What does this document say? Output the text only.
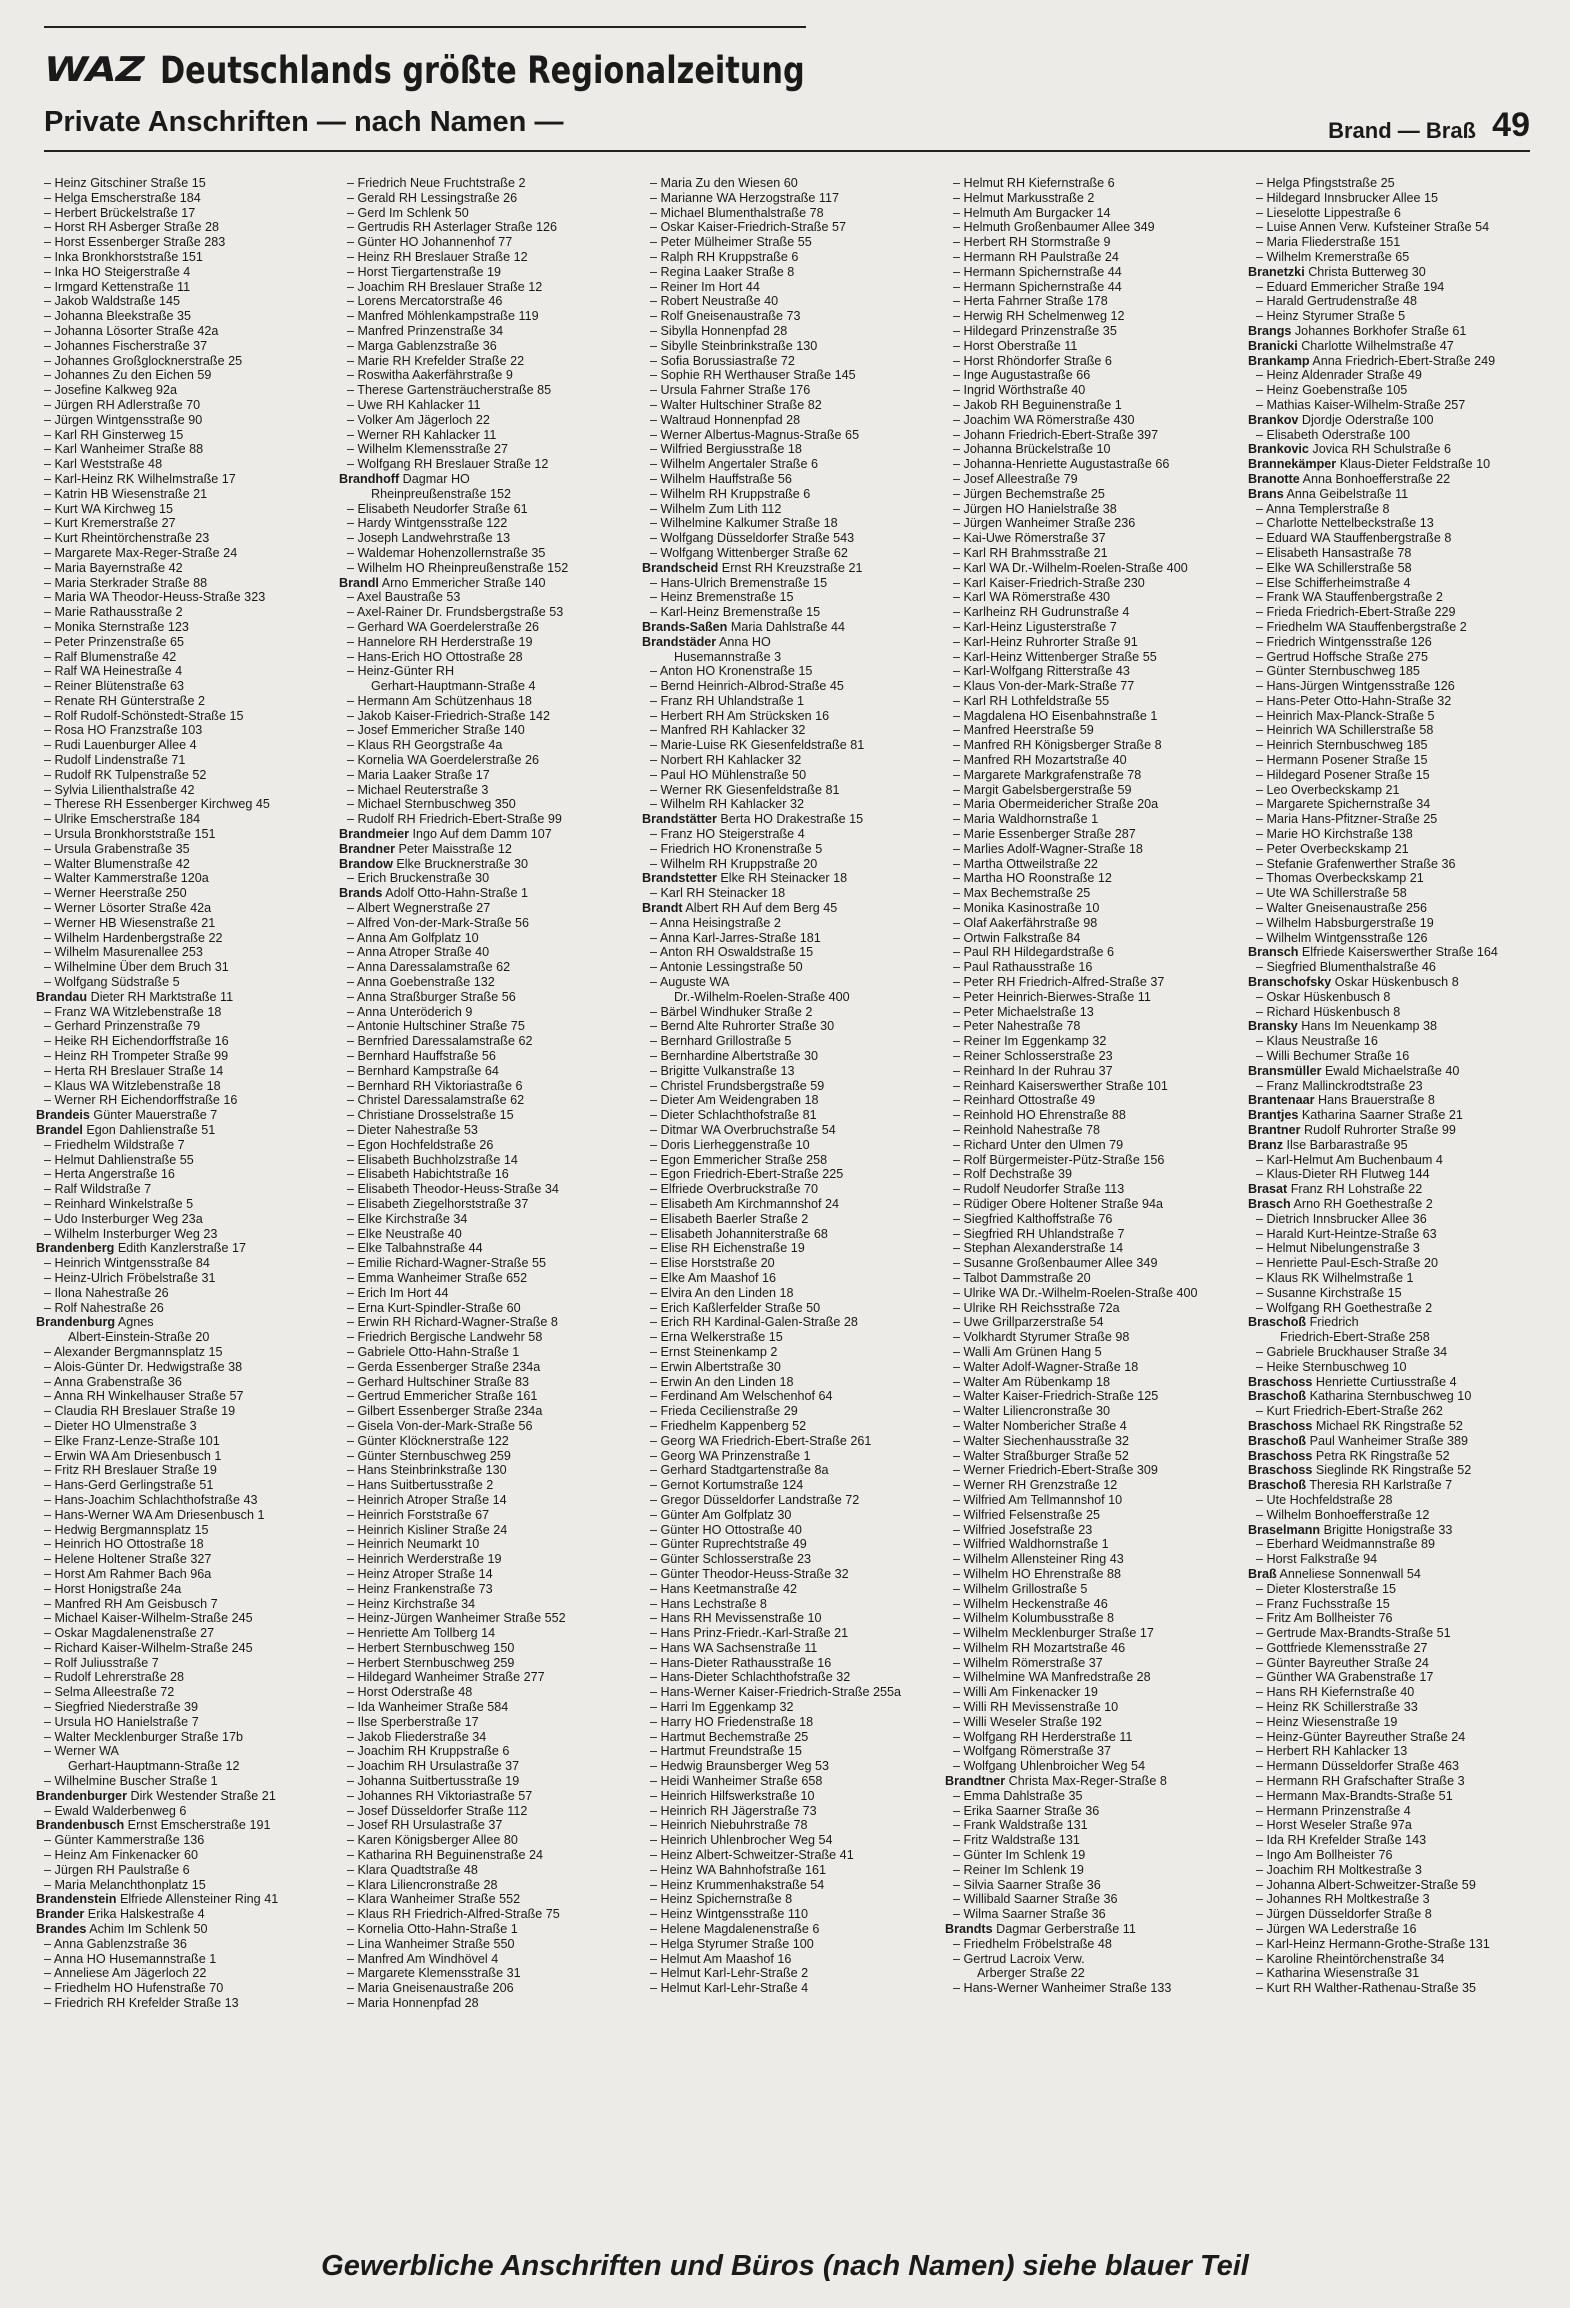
WAZ Deutschlands größte Regionalzeitung
Private Anschriften — nach Namen —	Brand — Braß 49
– Heinz Gitschiner Straße 15
– Helga Emscherstraße 184
– Herbert Brückelstraße 17
– Horst RH Asberger Straße 28
– Horst Essenberger Straße 283
– Inka Bronkhorststraße 151
– Inka HO Steigerstraße 4
– Irmgard Kettenstraße 11
– Jakob Waldstraße 145
– Johanna Bleekstraße 35
– Johanna Lösorter Straße 42a
– Johannes Fischerstraße 37
– Johannes Großglocknerstraße 25
– Johannes Zu den Eichen 59
– Josefine Kalkweg 92a
– Jürgen RH Adlerstraße 70
– Jürgen Wintgensstraße 90
– Karl RH Ginsterweg 15
– Karl Wanheimer Straße 88
– Karl Weststraße 48
– Karl-Heinz RK Wilhelmstraße 17
– Katrin HB Wiesenstraße 21
– Kurt WA Kirchweg 15
– Kurt Kremerstraße 27
– Kurt Rheintörchenstraße 23
– Margarete Max-Reger-Straße 24
– Maria Bayernstraße 42
– Maria Sterkrader Straße 88
– Maria WA Theodor-Heuss-Straße 323
– Marie Rathausstraße 2
– Monika Sternstraße 123
– Peter Prinzenstraße 65
– Ralf Blumenstraße 42
– Ralf WA Heinestraße 4
– Reiner Blütenstraße 63
– Renate RH Günterstraße 2
– Rolf Rudolf-Schönstedt-Straße 15
– Rosa HO Franzstraße 103
– Rudi Lauenburger Allee 4
– Rudolf Lindenstraße 71
– Rudolf RK Tulpenstraße 52
– Sylvia Lilienthalstraße 42
– Therese RH Essenberger Kirchweg 45
– Ulrike Emscherstraße 184
– Ursula Bronkhorststraße 151
– Ursula Grabenstraße 35
– Walter Blumenstraße 42
– Walter Kammerstraße 120a
– Werner Heerstraße 250
– Werner Lösorter Straße 42a
– Werner HB Wiesenstraße 21
– Wilhelm Hardenbergstraße 22
– Wilhelm Masurenallee 253
– Wilhelmine Über dem Bruch 31
– Wolfgang Südstraße 5
Brandau Dieter RH Marktstraße 11
– Franz WA Witzlebenstraße 18
– Gerhard Prinzenstraße 79
– Heike RH Eichendorffstraße 16
– Heinz RH Trompeter Straße 99
– Herta RH Breslauer Straße 14
– Klaus WA Witzlebenstraße 18
– Werner RH Eichendorffstraße 16
Brandeis Günter Mauerstraße 7
Brandel Egon Dahlienstraße 51
– Friedhelm Wildstraße 7
– Helmut Dahlienstraße 55
– Herta Angerstraße 16
– Ralf Wildstraße 7
– Reinhard Winkelstraße 5
– Udo Insterburger Weg 23a
– Wilhelm Insterburger Weg 23
Brandenberg Edith Kanzlerstraße 17
– Heinrich Wintgensstraße 84
– Heinz-Ulrich Fröbelstraße 31
– Ilona Nahestraße 26
– Rolf Nahestraße 26
Brandenburg Agnes
Albert-Einstein-Straße 20
– Alexander Bergmannsplatz 15
– Alois-Günter Dr. Hedwigstraße 38
– Anna Grabenstraße 36
– Anna RH Winkelhauser Straße 57
– Claudia RH Breslauer Straße 19
– Dieter HO Ulmenstraße 3
– Elke Franz-Lenze-Straße 101
– Erwin WA Am Driesenbusch 1
– Fritz RH Breslauer Straße 19
– Hans-Gerd Gerlingstraße 51
– Hans-Joachim Schlachthofstraße 43
– Hans-Werner WA Am Driesenbusch 1
– Hedwig Bergmannsplatz 15
– Heinrich HO Ottostraße 18
– Helene Holtener Straße 327
– Horst Am Rahmer Bach 96a
– Horst Honigstraße 24a
– Manfred RH Am Geisbusch 7
– Michael Kaiser-Wilhelm-Straße 245
– Oskar Magdalenenstraße 27
– Richard Kaiser-Wilhelm-Straße 245
– Rolf Juliusstraße 7
– Rudolf Lehrerstraße 28
– Selma Alleestraße 72
– Siegfried Niederstraße 39
– Ursula HO Hanielstraße 7
– Walter Mecklenburger Straße 17b
– Werner WA
Gerhart-Hauptmann-Straße 12
– Wilhelmine Buscher Straße 1
Brandenburger Dirk Westender Straße 21
– Ewald Walderbenweg 6
Brandenbusch Ernst Emscherstraße 191
– Günter Kammerstraße 136
– Heinz Am Finkenacker 60
– Jürgen RH Paulstraße 6
– Maria Melanchthonplatz 15
Brandenstein Elfriede Allensteiner Ring 41
Brander Erika Halskestraße 4
Brandes Achim Im Schlenk 50
– Anna Gablenzstraße 36
– Anna HO Husemannstraße 1
– Anneliese Am Jägerloch 22
– Friedhelm HO Hufenstraße 70
– Friedrich RH Krefelder Straße 13
– Friedrich Neue Fruchtstraße 2
– Gerald RH Lessingstraße 26
– Gerd Im Schlenk 50
– Gertrudis RH Asterlager Straße 126
– Günter HO Johannenhof 77
– Heinz RH Breslauer Straße 12
– Horst Tiergartenstraße 19
– Joachim RH Breslauer Straße 12
– Lorens Mercatorstraße 46
– Manfred Möhlenkampstraße 119
– Manfred Prinzenstraße 34
– Marga Gablenzstraße 36
– Marie RH Krefelder Straße 22
– Roswitha Aakerfährstraße 9
– Therese Gartensträucherstraße 85
– Uwe RH Kahlacker 11
– Volker Am Jägerloch 22
– Werner RH Kahlacker 11
– Wilhelm Klemensstraße 27
– Wolfgang RH Breslauer Straße 12
Brandhoff Dagmar HO
Rheinpreußenstraße 152
– Elisabeth Neudorfer Straße 61
– Hardy Wintgensstraße 122
– Joseph Landwehrstraße 13
– Waldemar Hohenzollernstraße 35
– Wilhelm HO Rheinpreußenstraße 152
Brandl Arno Emmericher Straße 140
– Axel Baustraße 53
– Axel-Rainer Dr. Frundsbergstraße 53
– Gerhard WA Goerdelerstraße 26
– Hannelore RH Herderstraße 19
– Hans-Erich HO Ottostraße 28
– Heinz-Günter RH
Gerhart-Hauptmann-Straße 4
– Hermann Am Schützenhaus 18
– Jakob Kaiser-Friedrich-Straße 142
– Josef Emmericher Straße 140
– Klaus RH Georgstraße 4a
– Kornelia WA Goerdelerstraße 26
– Maria Laaker Straße 17
– Michael Reuterstraße 3
– Michael Sternbuschweg 350
– Rudolf RH Friedrich-Ebert-Straße 99
Brandmeier Ingo Auf dem Damm 107
Brandner Peter Maisstraße 12
Brandow Elke Brucknerstraße 30
– Erich Bruckenstraße 30
Brands Adolf Otto-Hahn-Straße 1
– Albert Wegnerstraße 27
– Alfred Von-der-Mark-Straße 56
– Anna Am Golfplatz 10
– Anna Atroper Straße 40
– Anna Daressalamstraße 62
– Anna Goebenstraße 132
– Anna Straßburger Straße 56
– Anna Unteröderich 9
– Antonie Hultschiner Straße 75
– Bernfried Daressalamstraße 62
– Bernhard Hauffstraße 56
– Bernhard Kampstraße 64
– Bernhard RH Viktoriastraße 6
– Christel Daressalamstraße 62
– Christiane Drosselstraße 15
– Dieter Nahestraße 53
– Egon Hochfeldstraße 26
– Elisabeth Buchholzstraße 14
– Elisabeth Habichtstraße 16
– Elisabeth Theodor-Heuss-Straße 34
– Elisabeth Ziegelhorststraße 37
– Elke Kirchstraße 34
– Elke Neustraße 40
– Elke Talbahnstraße 44
– Emilie Richard-Wagner-Straße 55
– Emma Wanheimer Straße 652
– Erich Im Hort 44
– Erna Kurt-Spindler-Straße 60
– Erwin RH Richard-Wagner-Straße 8
– Friedrich Bergische Landwehr 58
– Gabriele Otto-Hahn-Straße 1
– Gerda Essenberger Straße 234a
– Gerhard Hultschiner Straße 83
– Gertrud Emmericher Straße 161
– Gilbert Essenberger Straße 234a
– Gisela Von-der-Mark-Straße 56
– Günter Klöcknerstraße 122
– Günter Sternbuschweg 259
– Hans Steinbrinkstraße 130
– Hans Suitbertusstraße 2
– Heinrich Atroper Straße 14
– Heinrich Forststraße 67
– Heinrich Kisliner Straße 24
– Heinrich Neumarkt 10
– Heinrich Werderstraße 19
– Heinz Atroper Straße 14
– Heinz Frankenstraße 73
– Heinz Kirchstraße 34
– Heinz-Jürgen Wanheimer Straße 552
– Henriette Am Tollberg 14
– Herbert Sternbuschweg 150
– Herbert Sternbuschweg 259
– Hildegard Wanheimer Straße 277
– Horst Oderstraße 48
– Ida Wanheimer Straße 584
– Ilse Sperberstraße 17
– Jakob Fliederstraße 34
– Joachim RH Kruppstraße 6
– Joachim RH Ursulastraße 37
– Johanna Suitbertusstraße 19
– Johannes RH Viktoriastraße 57
– Josef Düsseldorfer Straße 112
– Josef RH Ursulastraße 37
– Karen Königsberger Allee 80
– Katharina RH Beguinenstraße 24
– Klara Quadtstraße 48
– Klara Liliencronstraße 28
– Klara Wanheimer Straße 552
– Klaus RH Friedrich-Alfred-Straße 75
– Kornelia Otto-Hahn-Straße 1
– Lina Wanheimer Straße 550
– Manfred Am Windhövel 4
– Margarete Klemensstraße 31
– Maria Gneisenaustraße 206
– Maria Honnenpfad 28
– Maria Zu den Wiesen 60
– Marianne WA Herzogstraße 117
– Michael Blumenthalstraße 78
– Oskar Kaiser-Friedrich-Straße 57
– Peter Mülheimer Straße 55
– Ralph RH Kruppstraße 6
– Regina Laaker Straße 8
– Reiner Im Hort 44
– Robert Neustraße 40
– Rolf Gneisenaustraße 73
– Sibylla Honnenpfad 28
– Sibylle Steinbrinkstraße 130
– Sofia Borussiastraße 72
– Sophie RH Werthauser Straße 145
– Ursula Fahrner Straße 176
– Walter Hultschiner Straße 82
– Waltraud Honnenpfad 28
– Werner Albertus-Magnus-Straße 65
– Wilfried Bergiusstraße 18
– Wilhelm Angertaler Straße 6
– Wilhelm Hauffstraße 56
– Wilhelm RH Kruppstraße 6
– Wilhelm Zum Lith 112
– Wilhelmine Kalkumer Straße 18
– Wolfgang Düsseldorfer Straße 543
– Wolfgang Wittenberger Straße 62
Brandscheid Ernst RH Kreuzstraße 21
– Hans-Ulrich Bremenstraße 15
– Heinz Bremenstraße 15
– Karl-Heinz Bremenstraße 15
Brands-Saßen Maria Dahlstraße 44
Brandstäder Anna HO
Husemannstraße 3
– Anton HO Kronenstraße 15
– Bernd Heinrich-Albrod-Straße 45
– Franz RH Uhlandstraße 1
– Herbert RH Am Strücksken 16
– Manfred RH Kahlacker 32
– Marie-Luise RK Giesenfeldstraße 81
– Norbert RH Kahlacker 32
– Paul HO Mühlenstraße 50
– Werner RK Giesenfeldstraße 81
– Wilhelm RH Kahlacker 32
Brandstätter Berta HO Drakestraße 15
– Franz HO Steigerstraße 4
– Friedrich HO Kronenstraße 5
– Wilhelm RH Kruppstraße 20
Brandstetter Elke RH Steinacker 18
– Karl RH Steinacker 18
Brandt Albert RH Auf dem Berg 45
– Anna Heisingstraße 2
– Anna Karl-Jarres-Straße 181
– Anton RH Oswaldstraße 15
– Antonie Lessingstraße 50
– Auguste WA
Dr.-Wilhelm-Roelen-Straße 400
– Bärbel Windhuker Straße 2
– Bernd Alte Ruhrorter Straße 30
– Bernhard Grillostraße 5
– Bernhardine Albertstraße 30
– Brigitte Vulkanstraße 13
– Christel Frundsbergstraße 59
– Dieter Am Weidengraben 18
– Dieter Schlachthofstraße 81
– Ditmar WA Overbruchstraße 54
– Doris Lierheggenstraße 10
– Egon Emmericher Straße 258
– Egon Friedrich-Ebert-Straße 225
– Elfriede Overbruckstraße 70
– Elisabeth Am Kirchmannshof 24
– Elisabeth Baerler Straße 2
– Elisabeth Johanniterstraße 68
– Elise RH Eichenstraße 19
– Elise Horststraße 20
– Elke Am Maashof 16
– Elvira An den Linden 18
– Erich Kaßlerfelder Straße 50
– Erich RH Kardinal-Galen-Straße 28
– Erna Welkerstraße 15
– Ernst Steinenkamp 2
– Erwin Albertstraße 30
– Erwin An den Linden 18
– Ferdinand Am Welschenhof 64
– Frieda Cecilienstraße 29
– Friedhelm Kappenberg 52
– Georg WA Friedrich-Ebert-Straße 261
– Georg WA Prinzenstraße 1
– Gerhard Stadtgartenstraße 8a
– Gernot Kortumstraße 124
– Gregor Düsseldorfer Landstraße 72
– Günter Am Golfplatz 30
– Günter HO Ottostraße 40
– Günter Ruprechtstraße 49
– Günter Schlosserstraße 23
– Günter Theodor-Heuss-Straße 32
– Hans Keetmanstraße 42
– Hans Lechstraße 8
– Hans RH Mevissenstraße 10
– Hans Prinz-Friedr.-Karl-Straße 21
– Hans WA Sachsenstraße 11
– Hans-Dieter Rathausstraße 16
– Hans-Dieter Schlachthofstraße 32
– Hans-Werner Kaiser-Friedrich-Straße 255a
– Harri Im Eggenkamp 32
– Harry HO Friedenstraße 18
– Hartmut Bechemstraße 25
– Hartmut Freundstraße 15
– Hedwig Braunsberger Weg 53
– Heidi Wanheimer Straße 658
– Heinrich Hilfswerkstraße 10
– Heinrich RH Jägerstraße 73
– Heinrich Niebuhrstraße 78
– Heinrich Uhlenbrocher Weg 54
– Heinz Albert-Schweitzer-Straße 41
– Heinz WA Bahnhofstraße 161
– Heinz Krummenhakstraße 54
– Heinz Spichernstraße 8
– Heinz Wintgensstraße 110
– Helene Magdalenenstraße 6
– Helga Styrumer Straße 100
– Helmut Am Maashof 16
– Helmut Karl-Lehr-Straße 2
– Helmut Karl-Lehr-Straße 4
– Helmut RH Kiefernstraße 6
– Helmut Markusstraße 2
– Helmuth Am Burgacker 14
– Helmuth Großenbaumer Allee 349
– Herbert RH Stormstraße 9
– Hermann RH Paulstraße 24
– Hermann Spichernstraße 44
– Hermann Spichernstraße 44
– Herta Fahrner Straße 178
– Herwig RH Schelmenweg 12
– Hildegard Prinzenstraße 35
– Horst Oberstraße 11
– Horst Rhöndorfer Straße 6
– Inge Augustastraße 66
– Ingrid Wörthstraße 40
– Jakob RH Beguinenstraße 1
– Joachim WA Römerstraße 430
– Johann Friedrich-Ebert-Straße 397
– Johanna Brückelstraße 10
– Johanna-Henriette Augustastraße 66
– Josef Alleestraße 79
– Jürgen Bechemstraße 25
– Jürgen HO Hanielstraße 38
– Jürgen Wanheimer Straße 236
– Kai-Uwe Römerstraße 37
– Karl RH Brahmsstraße 21
– Karl WA Dr.-Wilhelm-Roelen-Straße 400
– Karl Kaiser-Friedrich-Straße 230
– Karl WA Römerstraße 430
– Karlheinz RH Gudrunstraße 4
– Karl-Heinz Ligusterstraße 7
– Karl-Heinz Ruhrorter Straße 91
– Karl-Heinz Wittenberger Straße 55
– Karl-Wolfgang Ritterstraße 43
– Klaus Von-der-Mark-Straße 77
– Karl RH Lothfeldstraße 55
– Magdalena HO Eisenbahnstraße 1
– Manfred Heerstraße 59
– Manfred RH Königsberger Straße 8
– Manfred RH Mozartstraße 40
– Margarete Markgrafenstraße 78
– Margit Gabelsbergerstraße 59
– Maria Obermeidericher Straße 20a
– Maria Waldhornstraße 1
– Marie Essenberger Straße 287
– Marlies Adolf-Wagner-Straße 18
– Martha Ottweilstraße 22
– Martha HO Roonstraße 12
– Max Bechemstraße 25
– Monika Kasinostraße 10
– Olaf Aakerfährstraße 98
– Ortwin Falkstraße 84
– Paul RH Hildegardstraße 6
– Paul Rathausstraße 16
– Peter RH Friedrich-Alfred-Straße 37
– Peter Heinrich-Bierwes-Straße 11
– Peter Michaelstraße 13
– Peter Nahestraße 78
– Reiner Im Eggenkamp 32
– Reiner Schlosserstraße 23
– Reinhard In der Ruhrau 37
– Reinhard Kaiserswerther Straße 101
– Reinhard Ottostraße 49
– Reinhold HO Ehrenstraße 88
– Reinhold Nahestraße 78
– Richard Unter den Ulmen 79
– Rolf Bürgermeister-Pütz-Straße 156
– Rolf Dechstraße 39
– Rudolf Neudorfer Straße 113
– Rüdiger Obere Holtener Straße 94a
– Siegfried Kalthoffstraße 76
– Siegfried RH Uhlandstraße 7
– Stephan Alexanderstraße 14
– Susanne Großenbaumer Allee 349
– Talbot Dammstraße 20
– Ulrike WA Dr.-Wilhelm-Roelen-Straße 400
– Ulrike RH Reichsstraße 72a
– Uwe Grillparzerstraße 54
– Volkhardt Styrumer Straße 98
– Walli Am Grünen Hang 5
– Walter Adolf-Wagner-Straße 18
– Walter Am Rübenkamp 18
– Walter Kaiser-Friedrich-Straße 125
– Walter Liliencronstraße 30
– Walter Nombericher Straße 4
– Walter Siechenhausstraße 32
– Walter Straßburger Straße 52
– Werner Friedrich-Ebert-Straße 309
– Werner RH Grenzstraße 12
– Wilfried Am Tellmannshof 10
– Wilfried Felsenstraße 25
– Wilfried Josefstraße 23
– Wilfried Waldhornstraße 1
– Wilhelm Allensteiner Ring 43
– Wilhelm HO Ehrenstraße 88
– Wilhelm Grillostraße 5
– Wilhelm Heckenstraße 46
– Wilhelm Kolumbusstraße 8
– Wilhelm Mecklenburger Straße 17
– Wilhelm RH Mozartstraße 46
– Wilhelm Römerstraße 37
– Wilhelmine WA Manfredstraße 28
– Willi Am Finkenacker 19
– Willi RH Mevissenstraße 10
– Willi Weseler Straße 192
– Wolfgang RH Herderstraße 11
– Wolfgang Römerstraße 37
– Wolfgang Uhlenbroicher Weg 54
Brandtner Christa Max-Reger-Straße 8
– Emma Dahlstraße 35
– Erika Saarner Straße 36
– Frank Waldstraße 131
– Fritz Waldstraße 131
– Günter Im Schlenk 19
– Reiner Im Schlenk 19
– Silvia Saarner Straße 36
– Willibald Saarner Straße 36
– Wilma Saarner Straße 36
Brandts Dagmar Gerberstraße 11
– Friedhelm Fröbelstraße 48
– Gertrud Lacroix Verw.
Arberger Straße 22
– Hans-Werner Wanheimer Straße 133
– Helga Pfingststraße 25
– Hildegard Innsbrucker Allee 15
– Lieselotte Lippestraße 6
– Luise Annen Verw. Kufsteiner Straße 54
– Maria Fliederstraße 151
– Wilhelm Kremerstraße 65
Branetzki Christa Butterweg 30
– Eduard Emmericher Straße 194
– Harald Gertrudenstraße 48
– Heinz Styrumer Straße 5
Brangs Johannes Borkhofer Straße 61
Branicki Charlotte Wilhelmstraße 47
Brankamp Anna Friedrich-Ebert-Straße 249
– Heinz Aldenrader Straße 49
– Heinz Goebenstraße 105
– Mathias Kaiser-Wilhelm-Straße 257
Brankov Djordje Oderstraße 100
– Elisabeth Oderstraße 100
Brankovic Jovica RH Schulstraße 6
Brannekämper Klaus-Dieter Feldstraße 10
Branotte Anna Bonhoefferstraße 22
Brans Anna Geibelstraße 11
– Anna Templerstraße 8
– Charlotte Nettelbeckstraße 13
– Eduard WA Stauffenbergstraße 8
– Elisabeth Hansastraße 78
– Elke WA Schillerstraße 58
– Else Schifferheimstraße 4
– Frank WA Stauffenbergstraße 2
– Frieda Friedrich-Ebert-Straße 229
– Friedhelm WA Stauffenbergstraße 2
– Friedrich Wintgensstraße 126
– Gertrud Hoffsche Straße 275
– Günter Sternbuschweg 185
– Hans-Jürgen Wintgensstraße 126
– Hans-Peter Otto-Hahn-Straße 32
– Heinrich Max-Planck-Straße 5
– Heinrich WA Schillerstraße 58
– Heinrich Sternbuschweg 185
– Hermann Posener Straße 15
– Hildegard Posener Straße 15
– Leo Overbeckskamp 21
– Margarete Spichernstraße 34
– Maria Hans-Pfitzner-Straße 25
– Marie HO Kirchstraße 138
– Peter Overbeckskamp 21
– Stefanie Grafenwerther Straße 36
– Thomas Overbeckskamp 21
– Ute WA Schillerstraße 58
– Walter Gneisenaustraße 256
– Wilhelm Habsburgerstraße 19
– Wilhelm Wintgensstraße 126
Bransch Elfriede Kaiserswerther Straße 164
– Siegfried Blumenthalstraße 46
Branschofsky Oskar Hüskenbusch 8
– Oskar Hüskenbusch 8
– Richard Hüskenbusch 8
Bransky Hans Im Neuenkamp 38
– Klaus Neustraße 16
– Willi Bechumer Straße 16
Bransmüller Ewald Michaelstraße 40
– Franz Mallinckrodtstraße 23
Brantenaar Hans Brauerstraße 8
Brantjes Katharina Saarner Straße 21
Brantner Rudolf Ruhrorter Straße 99
Branz Ilse Barbarastraße 95
– Karl-Helmut Am Buchenbaum 4
– Klaus-Dieter RH Flutweg 144
Brasat Franz RH Lohstraße 22
Brasch Arno RH Goethestraße 2
– Dietrich Innsbrucker Allee 36
– Harald Kurt-Heintze-Straße 63
– Helmut Nibelungenstraße 3
– Henriette Paul-Esch-Straße 20
– Klaus RK Wilhelmstraße 1
– Susanne Kirchstraße 15
– Wolfgang RH Goethestraße 2
Braschoß Friedrich
Friedrich-Ebert-Straße 258
– Gabriele Bruckhauser Straße 34
– Heike Sternbuschweg 10
Braschoss Henriette Curtiusstraße 4
Braschoß Katharina Sternbuschweg 10
– Kurt Friedrich-Ebert-Straße 262
Braschoss Michael RK Ringstraße 52
Braschoß Paul Wanheimer Straße 389
Braschoss Petra RK Ringstraße 52
Braschoss Sieglinde RK Ringstraße 52
Braschoß Theresia RH Karlstraße 7
– Ute Hochfeldstraße 28
– Wilhelm Bonhoefferstraße 12
Braselmann Brigitte Honigstraße 33
– Eberhard Weidmannstraße 89
– Horst Falkstraße 94
Braß Anneliese Sonnenwall 54
– Dieter Klosterstraße 15
– Franz Fuchsstraße 15
– Fritz Am Bollheister 76
– Gertrude Max-Brandts-Straße 51
– Gottfriede Klemensstraße 27
– Günter Bayreuther Straße 24
– Günther WA Grabenstraße 17
– Hans RH Kiefernstraße 40
– Heinz RK Schillerstraße 33
– Heinz Wiesenstraße 19
– Heinz-Günter Bayreuther Straße 24
– Herbert RH Kahlacker 13
– Hermann Düsseldorfer Straße 463
– Hermann RH Grafschafter Straße 3
– Hermann Max-Brandts-Straße 51
– Hermann Prinzenstraße 4
– Horst Weseler Straße 97a
– Ida RH Krefelder Straße 143
– Ingo Am Bollheister 76
– Joachim RH Moltkestraße 3
– Johanna Albert-Schweitzer-Straße 59
– Johannes RH Moltkestraße 3
– Jürgen Düsseldorfer Straße 8
– Jürgen WA Lederstraße 16
– Karl-Heinz Hermann-Grothe-Straße 131
– Karoline Rheintörchenstraße 34
– Katharina Wiesenstraße 31
– Kurt RH Walther-Rathenau-Straße 35
Gewerbliche Anschriften und Büros (nach Namen) siehe blauer Teil
